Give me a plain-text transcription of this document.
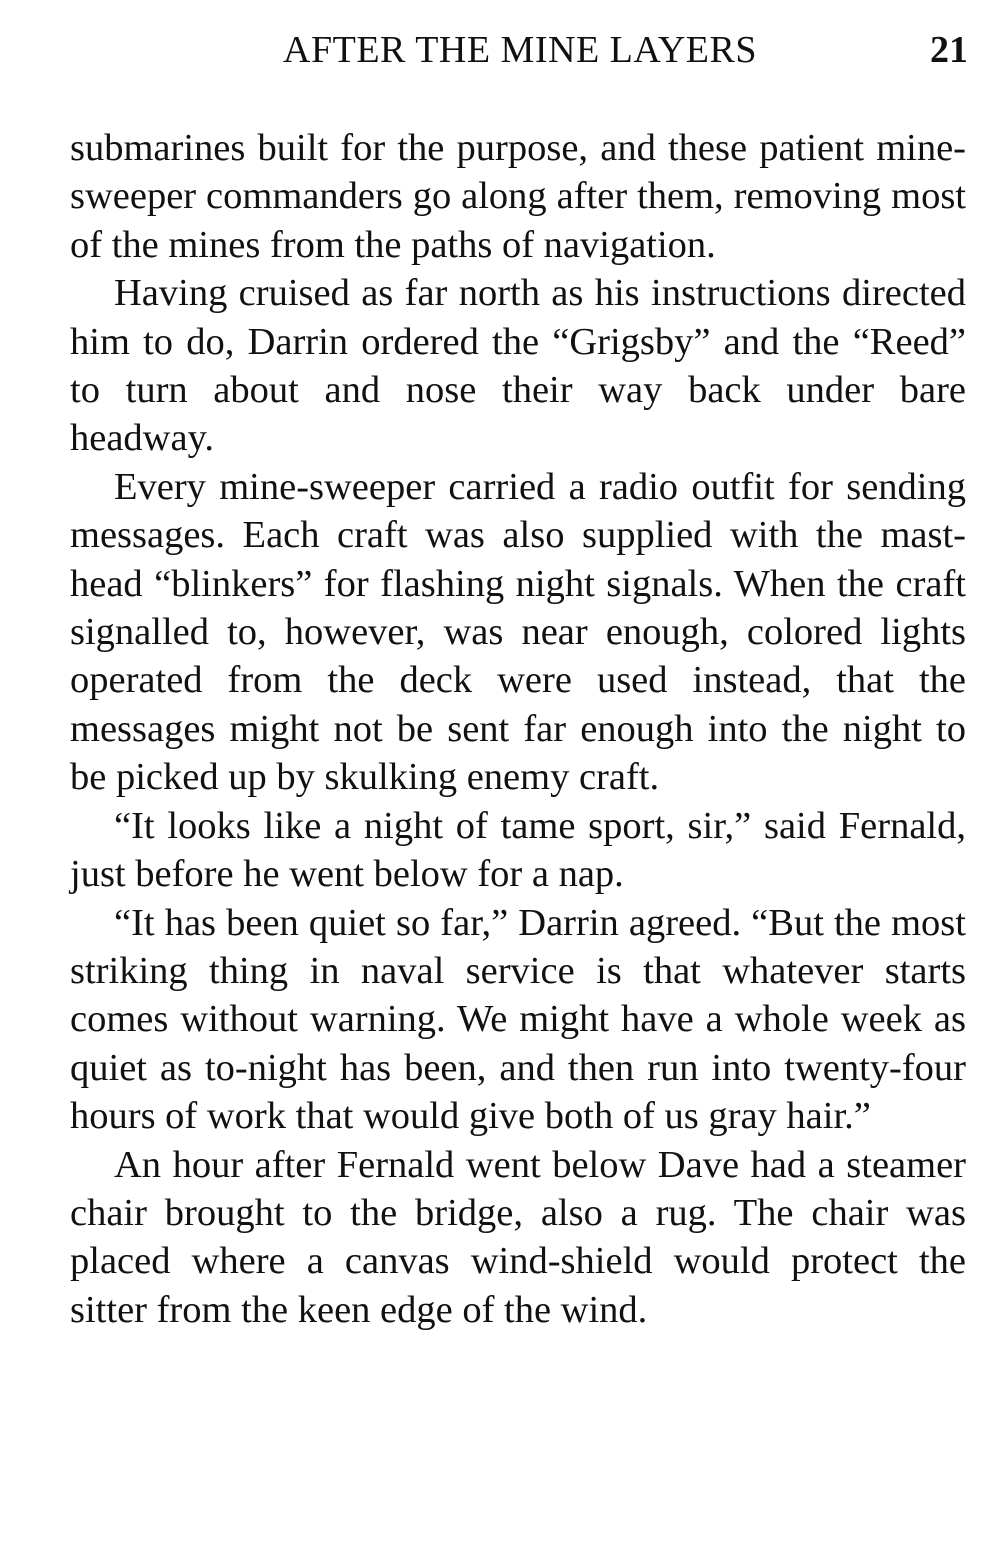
AFTER THE MINE LAYERS	21

submarines built for the purpose, and these patient mine-sweeper commanders go along after them, removing most of the mines from the paths of navigation.

Having cruised as far north as his instructions directed him to do, Darrin ordered the “Grigsby” and the “Reed” to turn about and nose their way back under bare headway.

Every mine-sweeper carried a radio outfit for sending messages. Each craft was also supplied with the mast-head “blinkers” for flashing night signals. When the craft signalled to, however, was near enough, colored lights operated from the deck were used instead, that the messages might not be sent far enough into the night to be picked up by skulking enemy craft.

“It looks like a night of tame sport, sir,” said Fernald, just before he went below for a nap.

“It has been quiet so far,” Darrin agreed. “But the most striking thing in naval service is that whatever starts comes without warning. We might have a whole week as quiet as to-night has been, and then run into twenty-four hours of work that would give both of us gray hair.”

An hour after Fernald went below Dave had a steamer chair brought to the bridge, also a rug. The chair was placed where a canvas wind-shield would protect the sitter from the keen edge of the wind.
